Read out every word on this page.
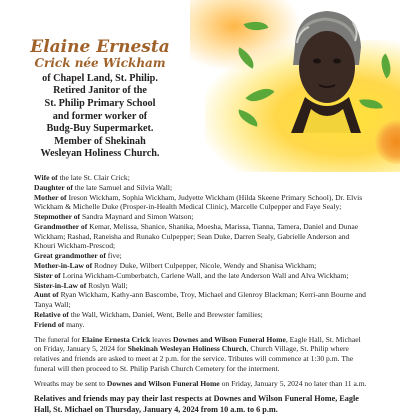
Elaine Ernesta
Crick née Wickham
of Chapel Land, St. Philip.
Retired Janitor of the
St. Philip Primary School
and former worker of
Budg-Buy Supermarket.
Member of Shekinah
Wesleyan Holiness Church.

Wife of the late St. Clair Crick;

Daughter of the late Samuel and Silvia Wall;

Mother of Ireson Wickham, Sophia Wickham, Judyette Wickham (Hilda Skeene Primary School), Dr. Elvis Wickham & Michelle Duke (Prosper-in-Health Medical Clinic), Marcelle Culpepper and Faye Sealy;

Stepmother of Sandra Maynard and Simon Watson;

Grandmother of Kemar, Melissa, Shanice, Shanika, Moesha, Marissa, Tianna, Tamera, Daniel and Dunae Wickham; Rashad, Raneisha and Runako Culpepper; Sean Duke, Darren Sealy, Gabrielle Anderson and Khouri Wickham-Prescod;

Great grandmother of five;

Mother-in-Law of Rodney Duke, Wilbert Culpepper, Nicole, Wendy and Shanisa Wickham;

Sister of Lorina Wickham-Cumberbatch, Carlene Wall, and the late Anderson Wall and Alva Wickham;

Sister-in-Law of Roslyn Wall;

Aunt of Ryan Wickham, Kathy-ann Bascombe, Troy, Michael and Glenroy Blackman; Kerri-ann Bourne and Tanya Wall;

Relative of the Wall, Wickham, Daniel, Went, Belle and Brewster families;

Friend of many.

The funeral for Elaine Ernesta Crick leaves Downes and Wilson Funeral Home, Eagle Hall, St. Michael on Friday, January 5, 2024 for Shekinah Wesleyan Holiness Church, Church Village, St. Philip where relatives and friends are asked to meet at 2 p.m. for the service. Tributes will commence at 1:30 p.m. The funeral will then proceed to St. Philip Parish Church Cemetery for the interment.

Wreaths may be sent to Downes and Wilson Funeral Home on Friday, January 5, 2024 no later than 11 a.m.

Relatives and friends may pay their last respects at Downes and Wilson Funeral Home, Eagle Hall, St. Michael on Thursday, January 4, 2024 from 10 a.m. to 6 p.m.
